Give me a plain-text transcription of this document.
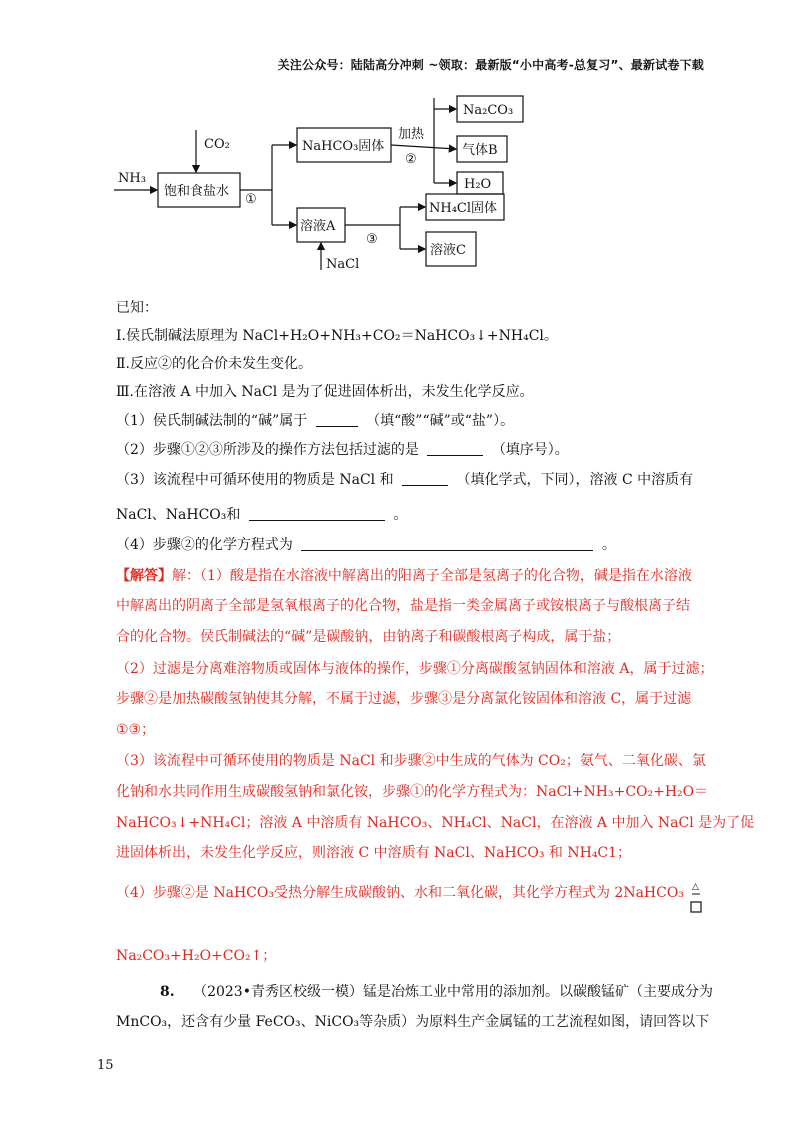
关注公众号：陆陆高分冲刺 ~领取：最新版“小中高考-总复习”、最新试卷下载
CO₂
NH₃
饱和食盐水
①
NaHCO₃固体
加热
②
Na₂CO₃
气体B
H₂O
溶液A
③
NH₄Cl固体
溶液C
NaCl
已知：
Ⅰ.侯氏制碱法原理为 NaCl+H₂O+NH₃+CO₂＝NaHCO₃↓+NH₄Cl。
Ⅱ.反应②的化合价未发生变化。
Ⅲ.在溶液 A 中加入 NaCl 是为了促进固体析出，未发生化学反应。
（1）侯氏制碱法制的“碱”属于	（填“酸”“碱”或“盐”）。
（2）步骤①②③所涉及的操作方法包括过滤的是	（填序号）。
（3）该流程中可循环使用的物质是 NaCl 和	（填化学式，下同），溶液 C 中溶质有
NaCl、NaHCO₃和	。
（4）步骤②的化学方程式为	。
【解答】解：（1）酸是指在水溶液中解离出的阳离子全部是氢离子的化合物，碱是指在水溶液
中解离出的阴离子全部是氢氧根离子的化合物，盐是指一类金属离子或铵根离子与酸根离子结
合的化合物。侯氏制碱法的“碱”是碳酸钠，由钠离子和碳酸根离子构成，属于盐；
（2）过滤是分离难溶物质或固体与液体的操作，步骤①分离碳酸氢钠固体和溶液 A，属于过滤；
步骤②是加热碳酸氢钠使其分解，不属于过滤，步骤③是分离氯化铵固体和溶液 C，属于过滤
①③；
（3）该流程中可循环使用的物质是 NaCl 和步骤②中生成的气体为 CO₂；氨气、二氧化碳、氯
化钠和水共同作用生成碳酸氢钠和氯化铵，步骤①的化学方程式为：NaCl+NH₃+CO₂+H₂O＝
NaHCO₃↓+NH₄Cl；溶液 A 中溶质有 NaHCO₃、NH₄Cl、NaCl，在溶液 A 中加入 NaCl 是为了促
进固体析出，未发生化学反应，则溶液 C 中溶质有 NaCl、NaHCO₃ 和 NH₄C1；
（4）步骤②是 NaHCO₃受热分解生成碳酸钠、水和二氧化碳，其化学方程式为 2NaHCO₃ △
Na₂CO₃+H₂O+CO₂↑；
8. （2023•青秀区校级一模）锰是冶炼工业中常用的添加剂。以碳酸锰矿（主要成分为
MnCO₃，还含有少量 FeCO₃、NiCO₃等杂质）为原料生产金属锰的工艺流程如图，请回答以下
15
